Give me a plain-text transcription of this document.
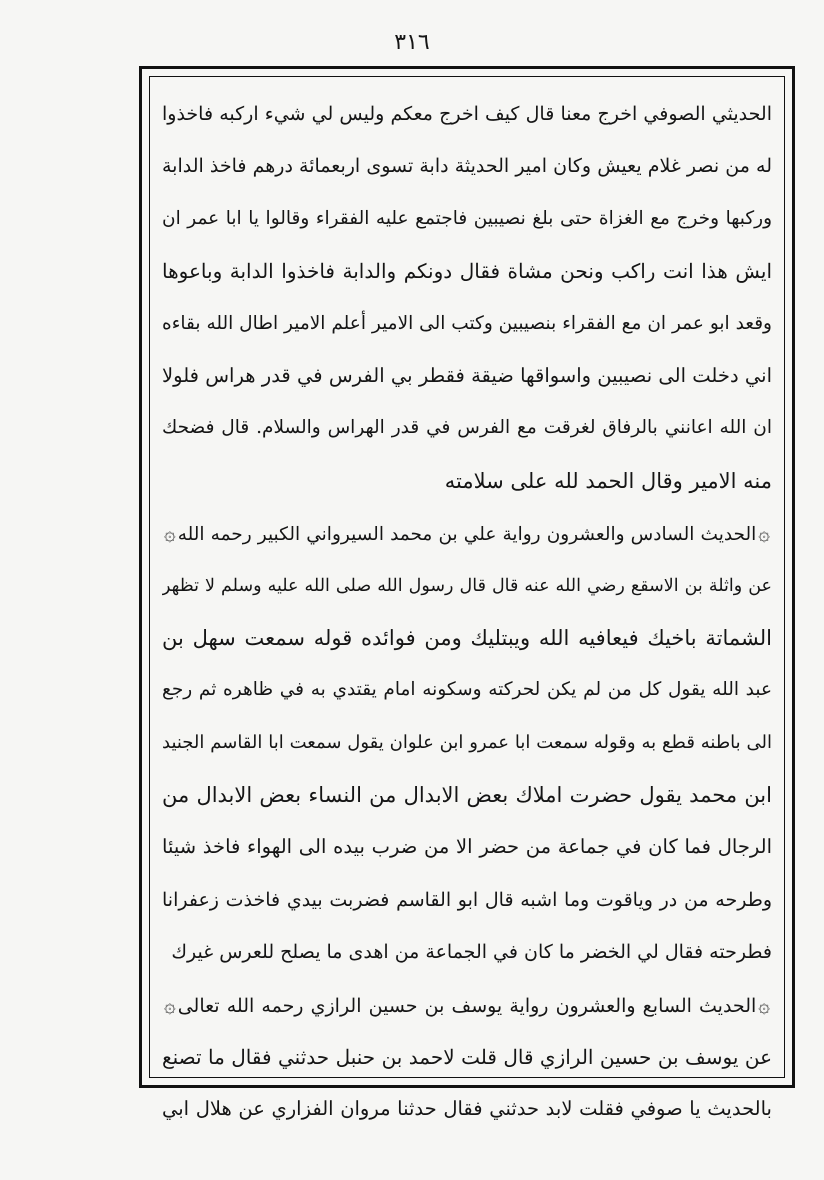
٣١٦
الحديثي الصوفي اخرج معنا قال كيف اخرج معكم وليس لي شيء اركبه فاخذوا
له من نصر غلام يعيش وكان امير الحديثة دابة تسوى اربعمائة درهم فاخذ الدابة
وركبها وخرج مع الغزاة حتى بلغ نصيبين فاجتمع عليه الفقراء وقالوا يا ابا عمر ان
ايش هذا انت راكب ونحن مشاة فقال دونكم والدابة فاخذوا الدابة وباعوها
وقعد ابو عمر ان مع الفقراء بنصيبين وكتب الى الامير أعلم الامير اطال الله بقاءه
اني دخلت الى نصيبين واسواقها ضيقة فقطر بي الفرس في قدر هراس فلولا
ان الله اعانني بالرفاق لغرقت مع الفرس في قدر الهراس والسلام. قال فضحك
منه الامير وقال الحمد لله على سلامته
۞الحديث السادس والعشرون رواية علي بن محمد السيرواني الكبير رحمه الله۞
عن واثلة بن الاسقع رضي الله عنه قال قال رسول الله صلى الله عليه وسلم لا تظهر
الشماتة باخيك فيعافيه الله ويبتليك ومن فوائده قوله سمعت سهل بن
عبد الله يقول كل من لم يكن لحركته وسكونه امام يقتدي به في ظاهره ثم رجع
الى باطنه قطع به وقوله سمعت ابا عمرو ابن علوان يقول سمعت ابا القاسم الجنيد
ابن محمد يقول حضرت املاك بعض الابدال من النساء بعض الابدال من
الرجال فما كان في جماعة من حضر الا من ضرب بيده الى الهواء فاخذ شيئا
وطرحه من در وياقوت وما اشبه قال ابو القاسم فضربت بيدي فاخذت زعفرانا
فطرحته فقال لي الخضر ما كان في الجماعة من اهدى ما يصلح للعرس غيرك
۞الحديث السابع والعشرون رواية يوسف بن حسين الرازي رحمه الله تعالى۞
عن يوسف بن حسين الرازي قال قلت لاحمد بن حنبل حدثني فقال ما تصنع
بالحديث يا صوفي فقلت لابد حدثني فقال حدثنا مروان الفزاري عن هلال ابي
